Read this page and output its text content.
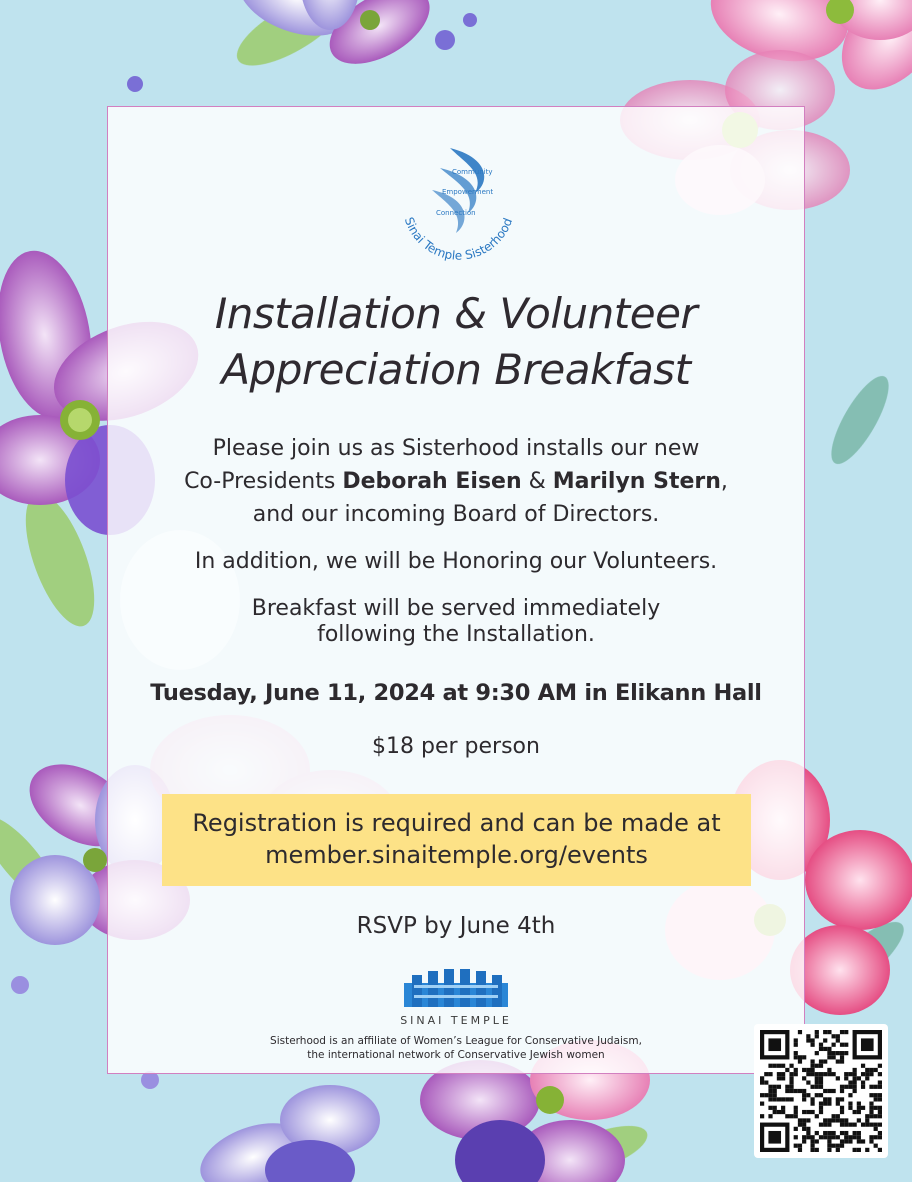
Community Empowerment Connection
Sinai Temple Sisterhood
Installation & Volunteer
Appreciation Breakfast
Please join us as Sisterhood installs our new
Co-Presidents Deborah Eisen & Marilyn Stern,
and our incoming Board of Directors.
In addition, we will be Honoring our Volunteers.
Breakfast will be served immediately
following the Installation.
Tuesday, June 11, 2024 at 9:30 AM in Elikann Hall
$18 per person
Registration is required and can be made at
member.sinaitemple.org/events
RSVP by June 4th
SINAI TEMPLE
Sisterhood is an affiliate of Women’s League for Conservative Judaism,
the international network of Conservative Jewish women
